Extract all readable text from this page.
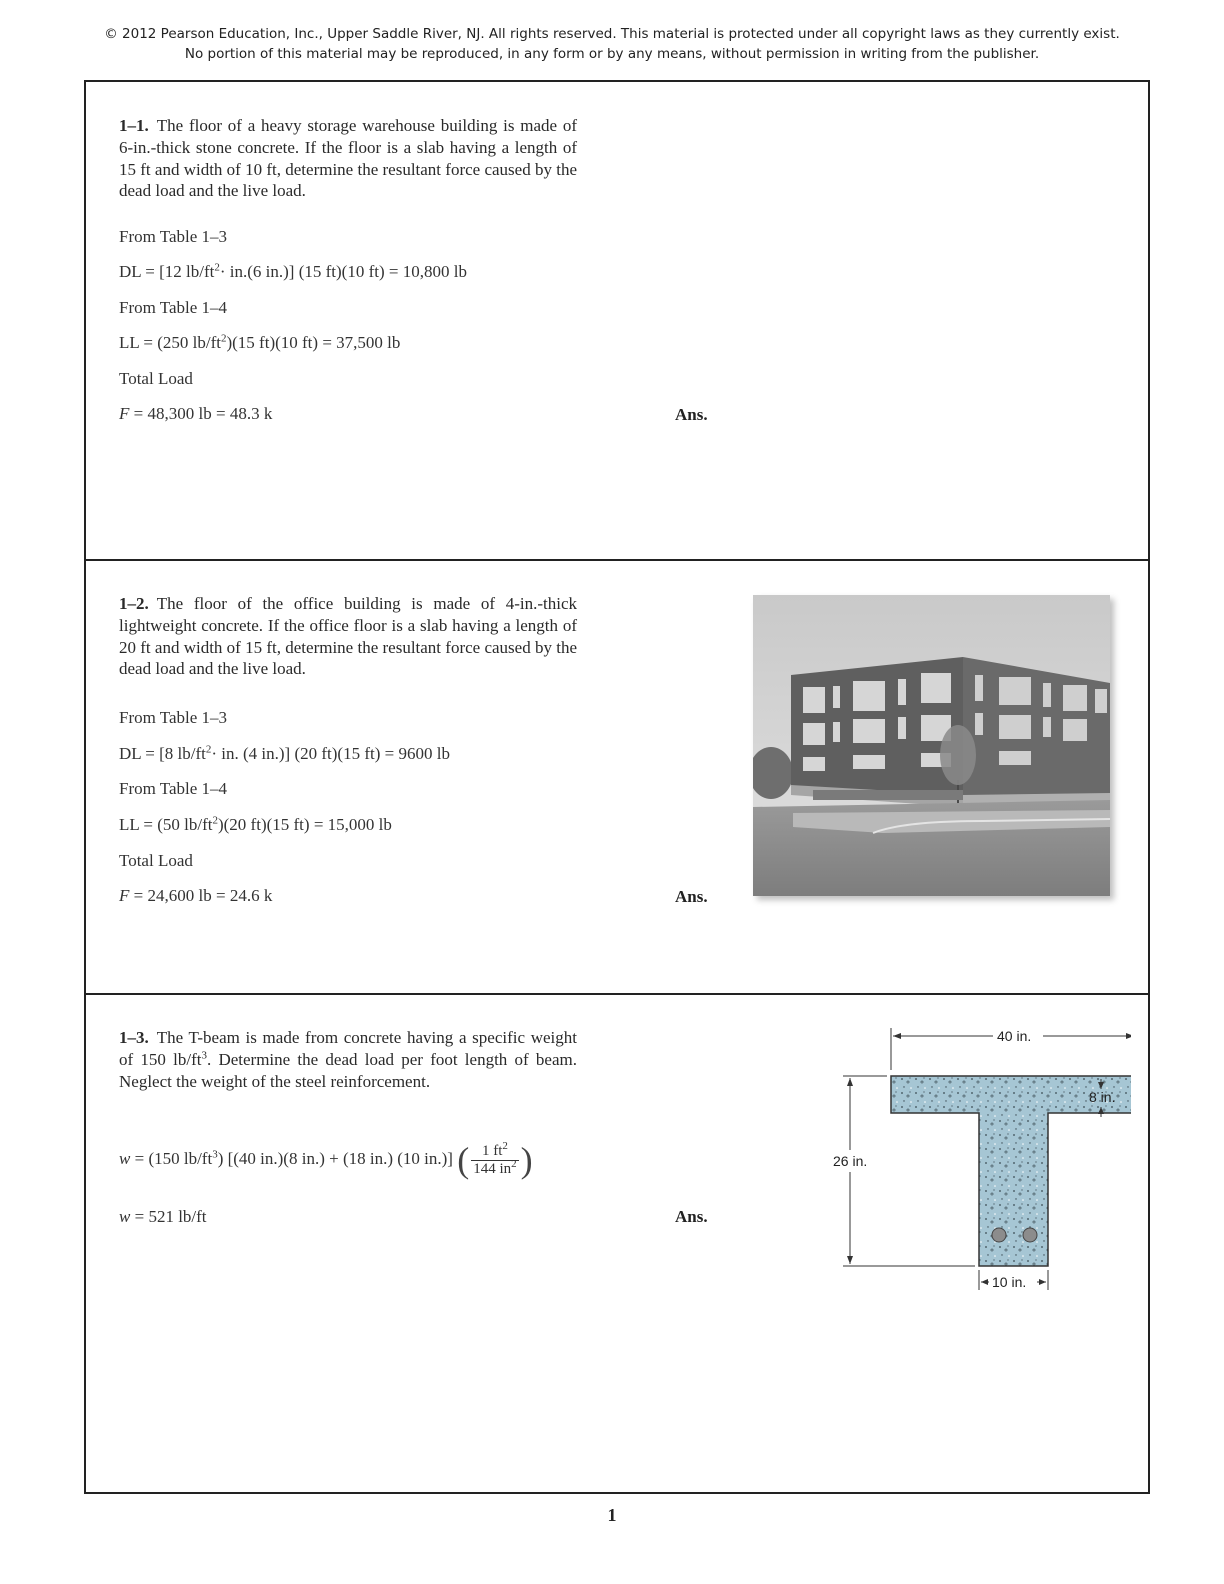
© 2012 Pearson Education, Inc., Upper Saddle River, NJ. All rights reserved. This material is protected under all copyright laws as they currently exist.
No portion of this material may be reproduced, in any form or by any means, without permission in writing from the publisher.
1–1. The floor of a heavy storage warehouse building is made of 6-in.-thick stone concrete. If the floor is a slab having a length of 15 ft and width of 10 ft, determine the resultant force caused by the dead load and the live load.
From Table 1–3
DL = [12 $lb/ft^2\cdot in.(6$ in.)] (15 ft)(10 ft) = 10,800 lb
From Table 1–4
LL = (250 $lb/ft^2)(15$ ft)(10 ft) = 37,500 lb
Total Load
F = 48,300 lb = 48.3 k	Ans.
1–2. The floor of the office building is made of 4-in.-thick lightweight concrete. If the office floor is a slab having a length of 20 ft and width of 15 ft, determine the resultant force caused by the dead load and the live load.
From Table 1–3
DL = [8 $lb/ft^2\cdot$ in. (4 in.)] (20 ft)(15 ft) = 9600 lb
From Table 1–4
LL = (50 $lb/ft^2)(20$ ft)(15 ft) = 15,000 lb
Total Load
F = 24,600 lb = 24.6 k	Ans.
1–3. The T-beam is made from concrete having a specific weight of 150 $lb/ft^3$. Determine the dead load per foot length of beam. Neglect the weight of the steel reinforcement.
w = (150 $lb/ft^3$) [(40 in.)(8 in.) + (18 in.) (10 in.)] ( $\frac{1 ft^2}{144 in^2}$ )
w = 521 lb/ft	Ans.
40 in.
26 in.
10 in.
8 in.
1
